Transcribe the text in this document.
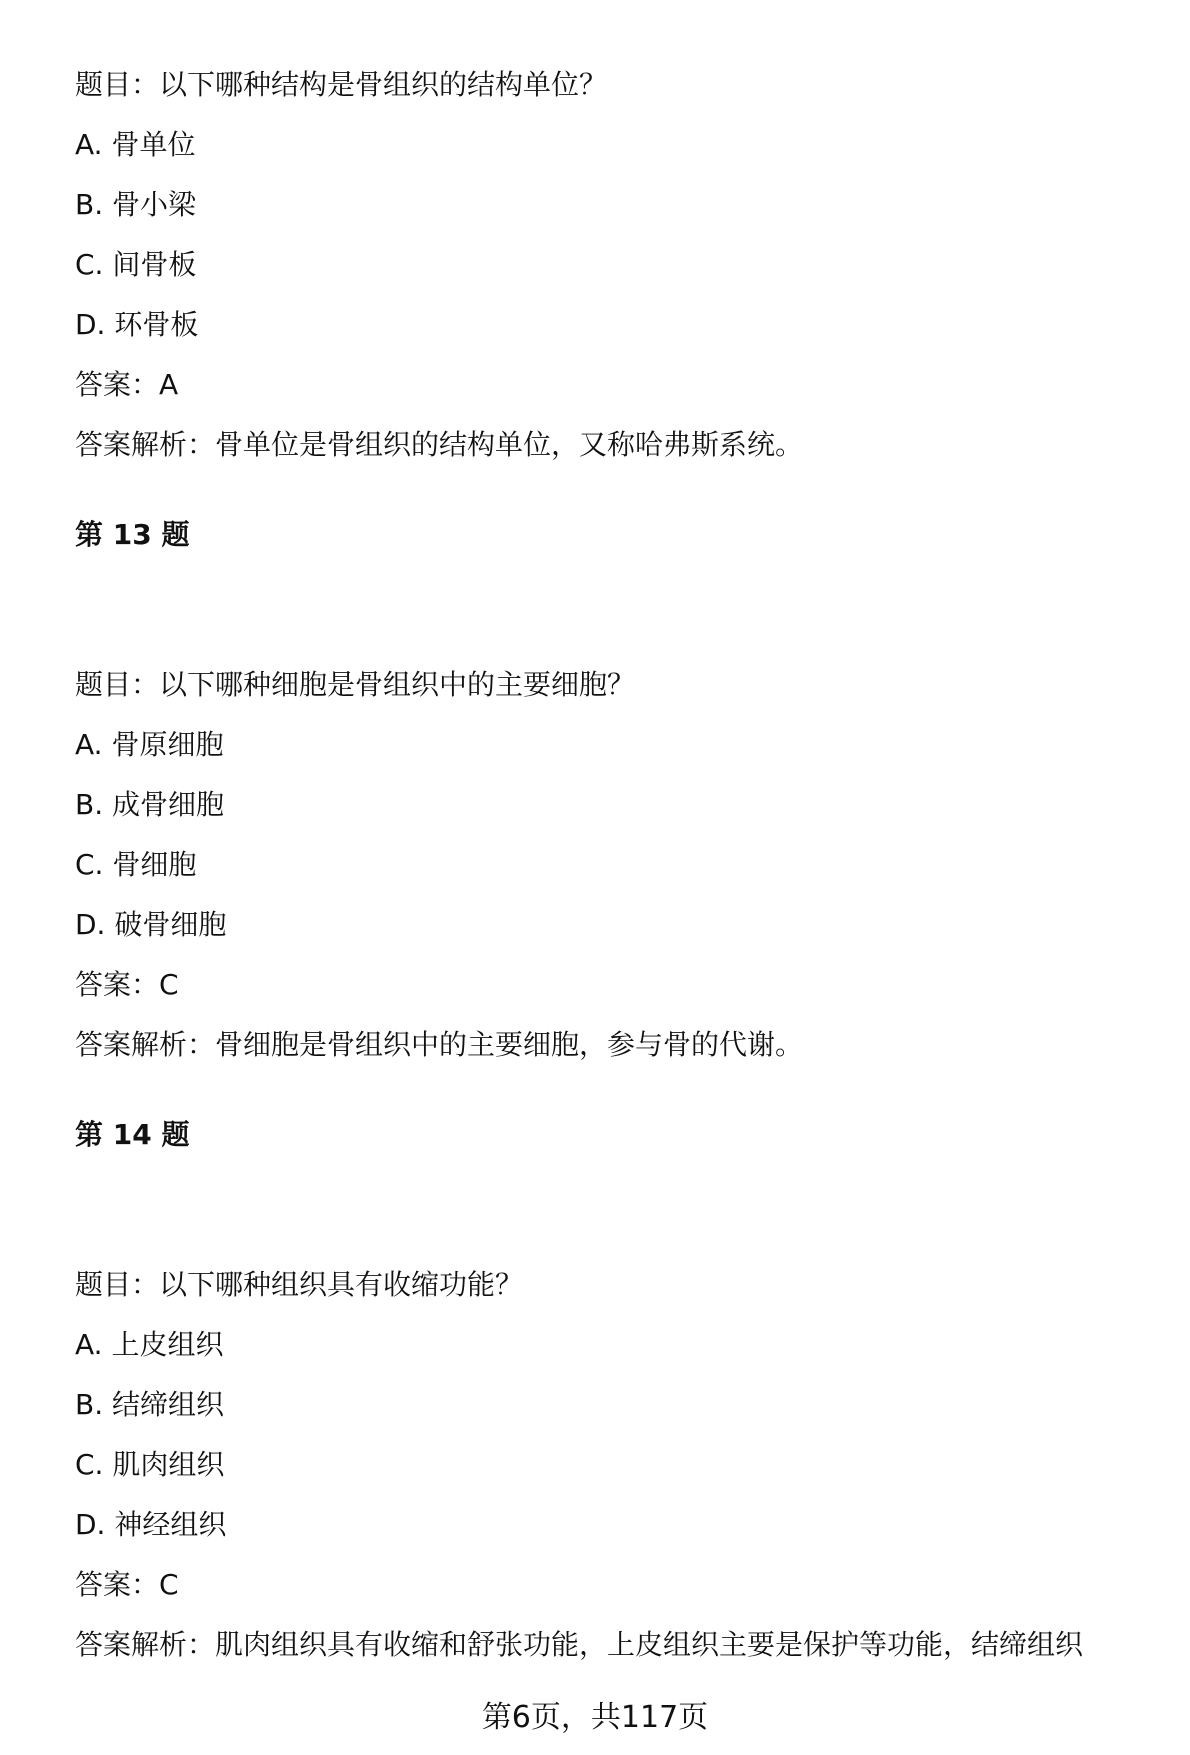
题目：以下哪种结构是骨组织的结构单位？
A. 骨单位
B. 骨小梁
C. 间骨板
D. 环骨板
答案：A
答案解析：骨单位是骨组织的结构单位，又称哈弗斯系统。
第 13 题
题目：以下哪种细胞是骨组织中的主要细胞？
A. 骨原细胞
B. 成骨细胞
C. 骨细胞
D. 破骨细胞
答案：C
答案解析：骨细胞是骨组织中的主要细胞，参与骨的代谢。
第 14 题
题目：以下哪种组织具有收缩功能？
A. 上皮组织
B. 结缔组织
C. 肌肉组织
D. 神经组织
答案：C
答案解析：肌肉组织具有收缩和舒张功能，上皮组织主要是保护等功能，结缔组织
第6页，共117页
